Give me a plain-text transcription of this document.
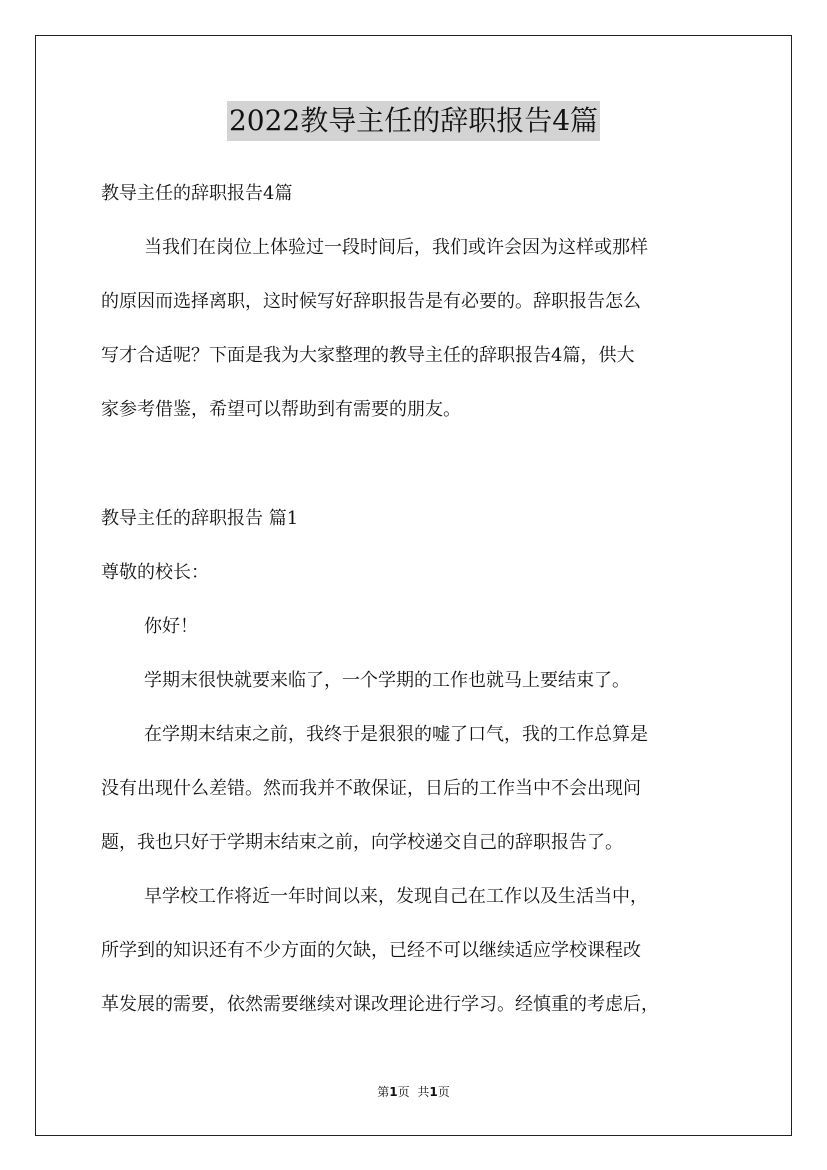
2022教导主任的辞职报告4篇
教导主任的辞职报告4篇
当我们在岗位上体验过一段时间后，我们或许会因为这样或那样
的原因而选择离职，这时候写好辞职报告是有必要的。辞职报告怎么
写才合适呢？下面是我为大家整理的教导主任的辞职报告4篇，供大
家参考借鉴，希望可以帮助到有需要的朋友。
教导主任的辞职报告 篇1
尊敬的校长：
你好！
学期末很快就要来临了，一个学期的工作也就马上要结束了。
在学期末结束之前，我终于是狠狠的嘘了口气，我的工作总算是
没有出现什么差错。然而我并不敢保证，日后的工作当中不会出现问
题，我也只好于学期末结束之前，向学校递交自己的辞职报告了。
早学校工作将近一年时间以来，发现自己在工作以及生活当中，
所学到的知识还有不少方面的欠缺，已经不可以继续适应学校课程改
革发展的需要，依然需要继续对课改理论进行学习。经慎重的考虑后，
第1页 共1页
